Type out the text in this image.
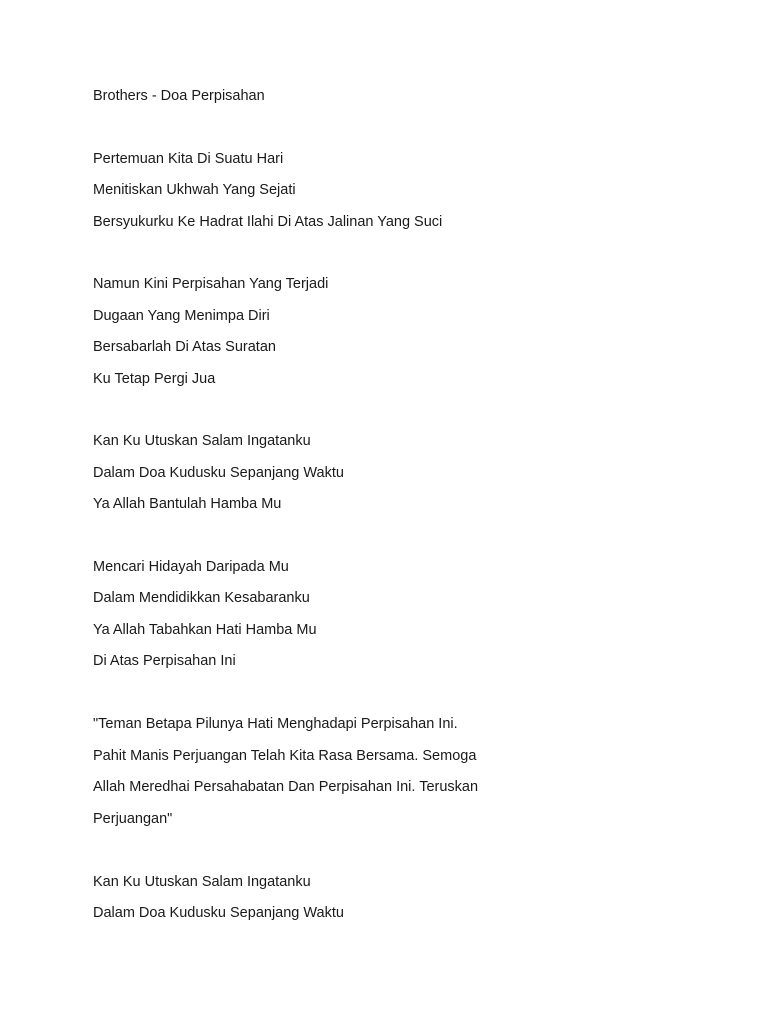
Brothers - Doa Perpisahan

Pertemuan Kita Di Suatu Hari

Menitiskan Ukhwah Yang Sejati

Bersyukurku Ke Hadrat Ilahi Di Atas Jalinan Yang Suci

Namun Kini Perpisahan Yang Terjadi

Dugaan Yang Menimpa Diri

Bersabarlah Di Atas Suratan

Ku Tetap Pergi Jua

Kan Ku Utuskan Salam Ingatanku

Dalam Doa Kudusku Sepanjang Waktu

Ya Allah Bantulah Hamba Mu

Mencari Hidayah Daripada Mu

Dalam Mendidikkan Kesabaranku

Ya Allah Tabahkan Hati Hamba Mu

Di Atas Perpisahan Ini

"Teman Betapa Pilunya Hati Menghadapi Perpisahan Ini.

Pahit Manis Perjuangan Telah Kita Rasa Bersama. Semoga

Allah Meredhai Persahabatan Dan Perpisahan Ini. Teruskan

Perjuangan"

Kan Ku Utuskan Salam Ingatanku

Dalam Doa Kudusku Sepanjang Waktu
